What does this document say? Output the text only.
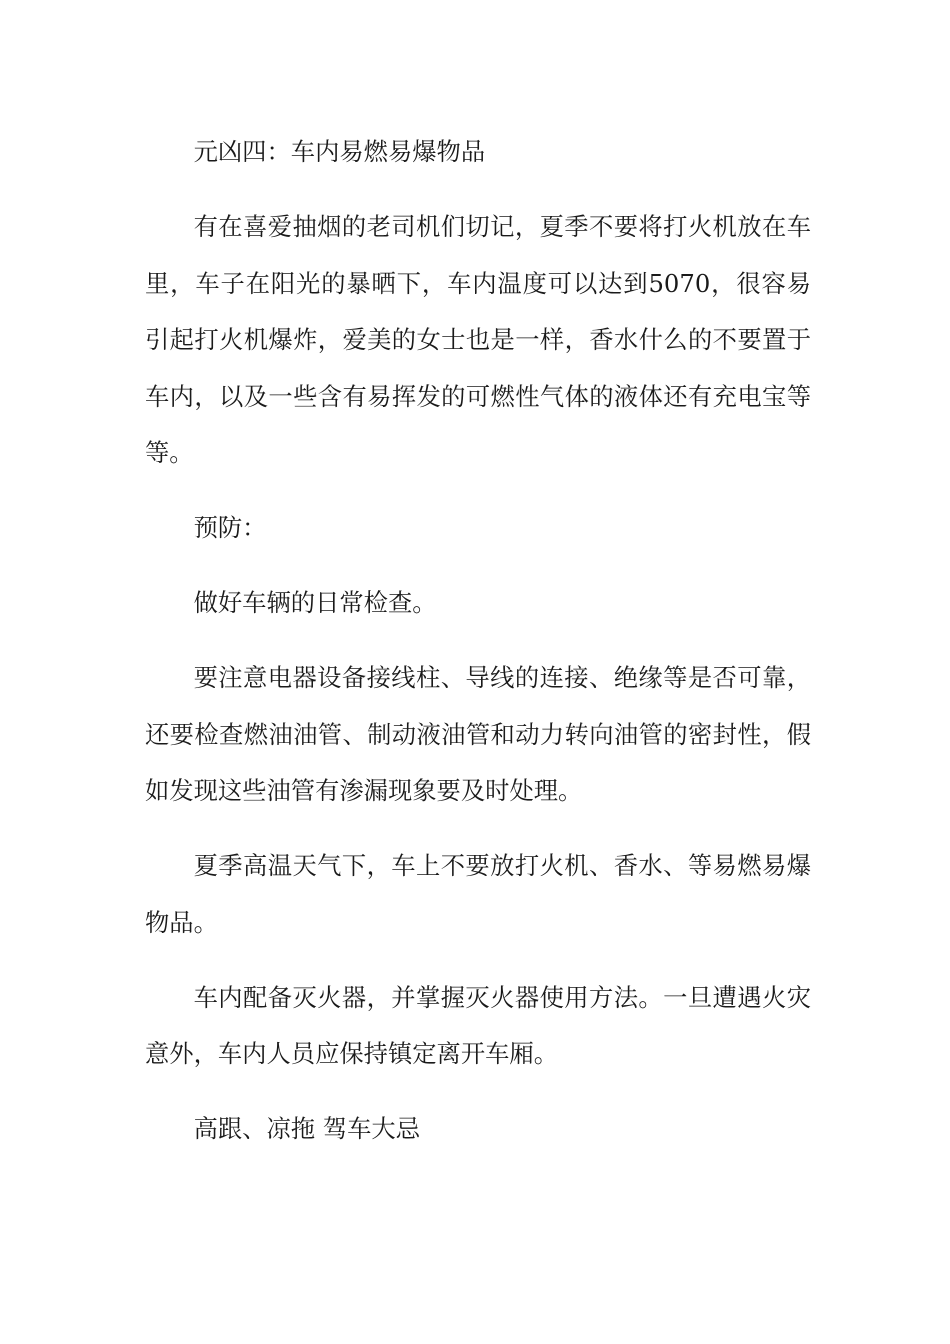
元凶四：车内易燃易爆物品

有在喜爱抽烟的老司机们切记，夏季不要将打火机放在车里，车子在阳光的暴晒下，车内温度可以达到5070，很容易引起打火机爆炸，爱美的女士也是一样，香水什么的不要置于车内，以及一些含有易挥发的可燃性气体的液体还有充电宝等等。

预防：

做好车辆的日常检查。

要注意电器设备接线柱、导线的连接、绝缘等是否可靠，还要检查燃油油管、制动液油管和动力转向油管的密封性，假如发现这些油管有渗漏现象要及时处理。

夏季高温天气下，车上不要放打火机、香水、等易燃易爆物品。

车内配备灭火器，并掌握灭火器使用方法。一旦遭遇火灾意外，车内人员应保持镇定离开车厢。

高跟、凉拖 驾车大忌
